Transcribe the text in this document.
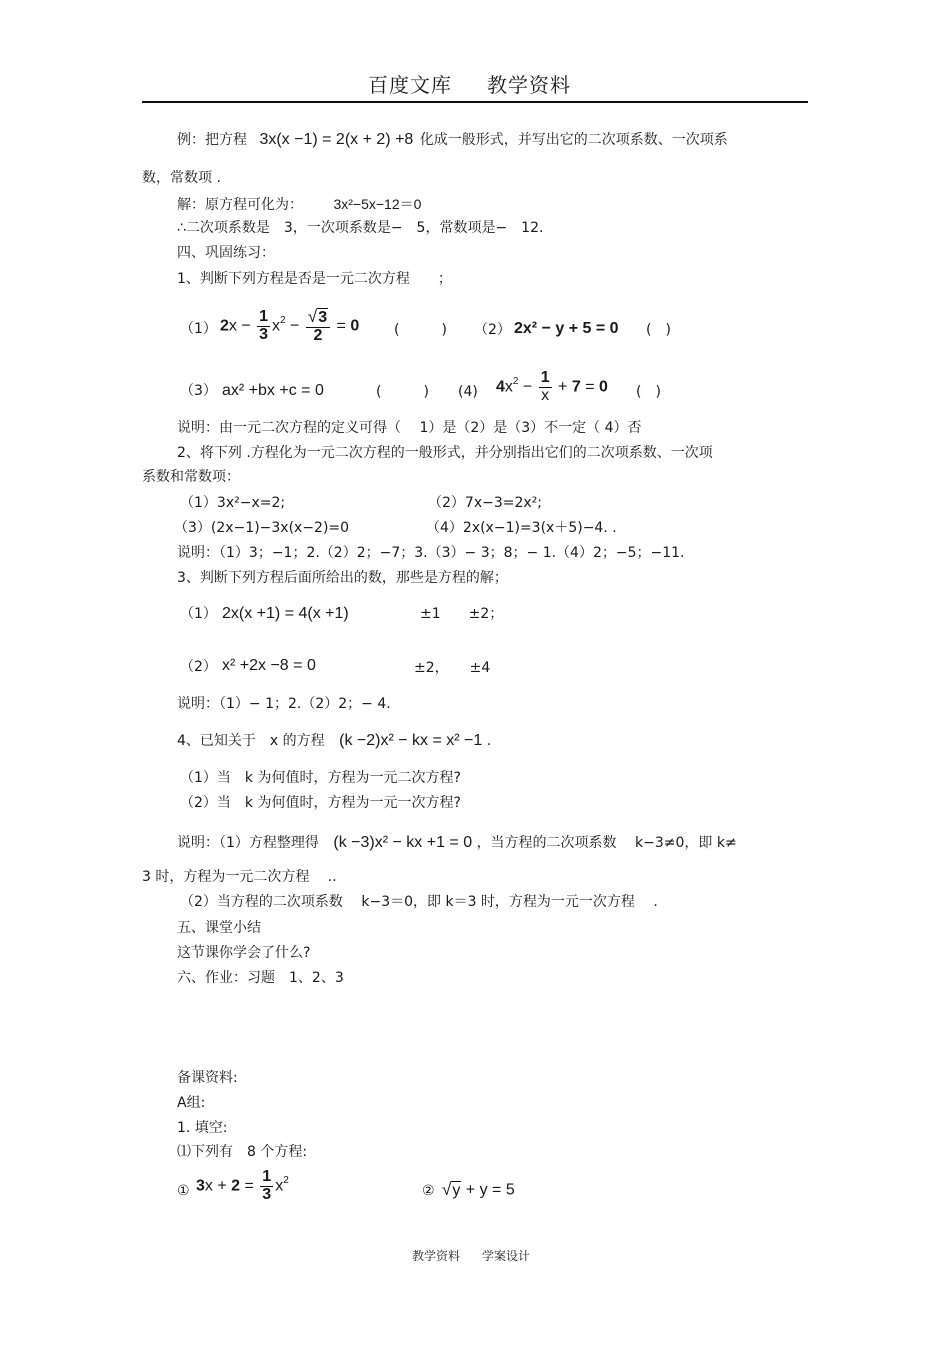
百度文库 教学资料
例：把方程 3x(x −1) = 2(x + 2) +8 化成一般形式，并写出它的二次项系数、一次项系
数，常数项 .
解：原方程可化为： 3x²−5x−12＝0
∴二次项系数是　3，一次项系数是−　5，常数项是−　12.
四、巩固练习：
1、判断下列方程是否是一元二次方程　　；
（1） $2x - \frac{1}{3} x^2 - \frac{√3}{2} = 0$ (　　　) （2） 2x² − y + 5 = 0 (　)
（3） ax² +bx +c = 0	(　　　) (4) $4x^2 - \frac{1}{x} + 7 = 0$ (　)
说明：由一元二次方程的定义可得（　 1）是（2）是（3）不一定（ 4）否
2、将下列 .方程化为一元二次方程的一般形式，并分别指出它们的二次项系数、一次项
系数和常数项：
（1）3x²−x=2;	（2）7x−3=2x²;
（3）(2x−1)−3x(x−2)=0	（4）2x(x−1)=3(x＋5)−4. .
说明：（1）3；−1；2.（2）2；−7；3.（3）− 3；8；− 1.（4）2；−5；−11.
3、判断下列方程后面所给出的数，那些是方程的解；
（1） 2x(x +1) = 4(x +1)	±1　　±2；
（2） x² +2x −8 = 0	±2，　　±4
说明：（1）− 1；2.（2）2；− 4.
4、已知关于　x 的方程 (k −2)x² − kx = x² −1 .
（1）当　k 为何值时，方程为一元二次方程?
（2）当　k 为何值时，方程为一元一次方程?
说明：（1）方程整理得 (k −3)x² − kx +1 = 0 ，当方程的二次项系数　 k−3≠0，即 k≠
3 时，方程为一元二次方程　 ..
（2）当方程的二次项系数　 k−3＝0，即 k＝3 时，方程为一元一次方程　 .
五、课堂小结
这节课你学会了什么?
六、作业：习题　1、2、3
备课资料:
A组:
1. 填空:
⑴下列有　8 个方程:
① $3x + 2 = \frac{1}{3} x^2$
② √y + y = 5
教学资料 学案设计
